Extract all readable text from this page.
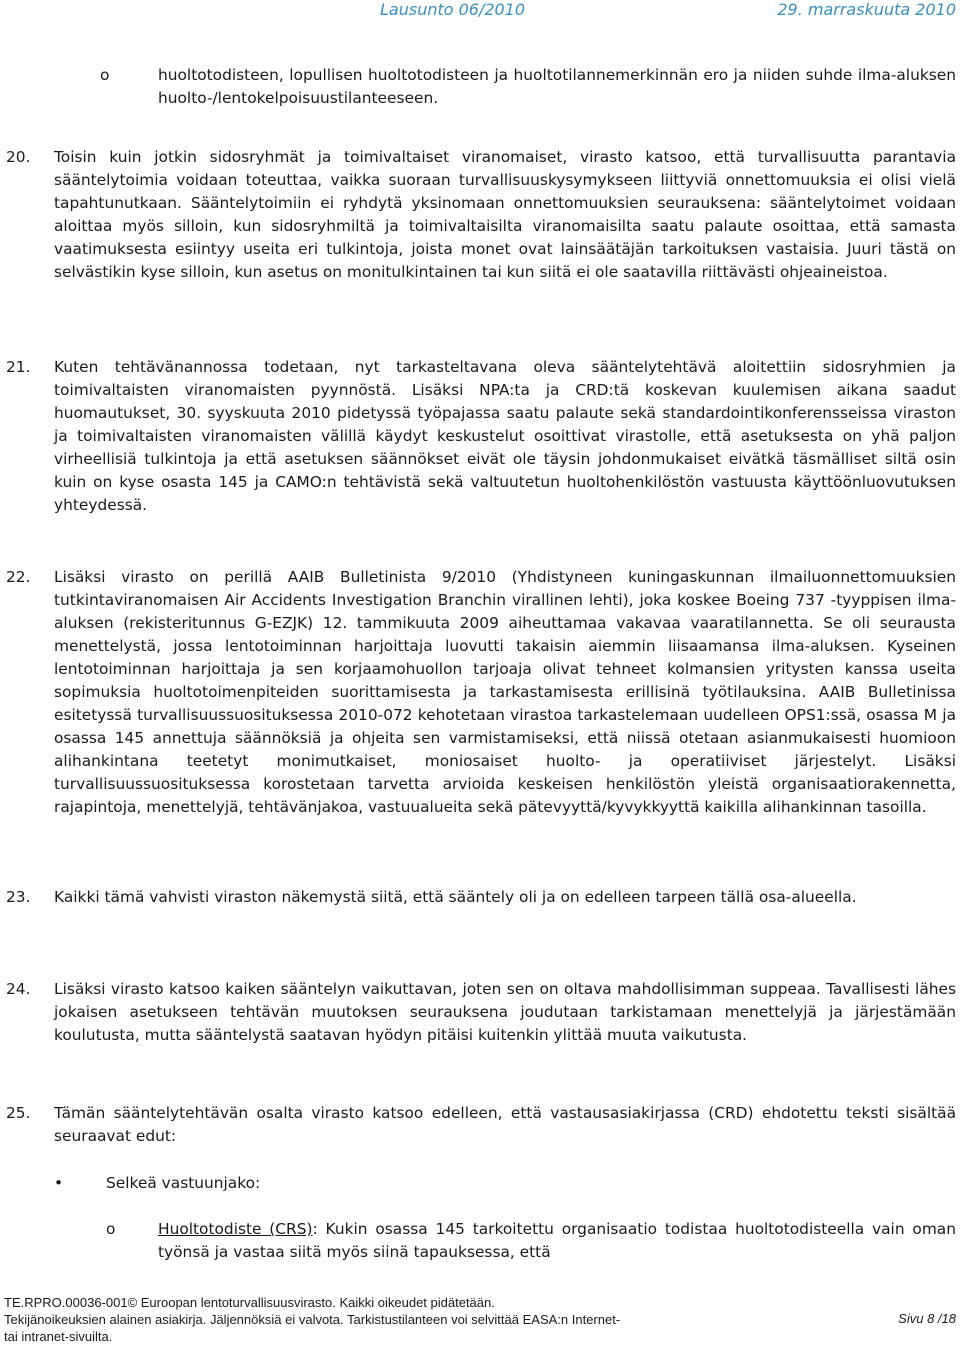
Lausunto 06/2010	29. marraskuuta 2010
o	huoltotodisteen, lopullisen huoltotodisteen ja huoltotilannemerkinnän ero ja niiden suhde ilma-aluksen huolto-/lentokelpoisuustilanteeseen.
20. Toisin kuin jotkin sidosryhmät ja toimivaltaiset viranomaiset, virasto katsoo, että turvallisuutta parantavia sääntelytoimia voidaan toteuttaa, vaikka suoraan turvallisuuskysymykseen liittyviä onnettomuuksia ei olisi vielä tapahtunutkaan. Sääntelytoimiin ei ryhdytä yksinomaan onnettomuuksien seurauksena: sääntelytoimet voidaan aloittaa myös silloin, kun sidosryhmiltä ja toimivaltaisilta viranomaisilta saatu palaute osoittaa, että samasta vaatimuksesta esiintyy useita eri tulkintoja, joista monet ovat lainsäätäjän tarkoituksen vastaisia. Juuri tästä on selvästikin kyse silloin, kun asetus on monitulkintainen tai kun siitä ei ole saatavilla riittävästi ohjeaineistoa.
21. Kuten tehtävänannossa todetaan, nyt tarkasteltavana oleva sääntelytehtävä aloitettiin sidosryhmien ja toimivaltaisten viranomaisten pyynnöstä. Lisäksi NPA:ta ja CRD:tä koskevan kuulemisen aikana saadut huomautukset, 30. syyskuuta 2010 pidetyssä työpajassa saatu palaute sekä standardointikonferensseissa viraston ja toimivaltaisten viranomaisten välillä käydyt keskustelut osoittivat virastolle, että asetuksesta on yhä paljon virheellisiä tulkintoja ja että asetuksen säännökset eivät ole täysin johdonmukaiset eivätkä täsmälliset siltä osin kuin on kyse osasta 145 ja CAMO:n tehtävistä sekä valtuutetun huoltohenkilöstön vastuusta käyttöönluovutuksen yhteydessä.
22. Lisäksi virasto on perillä AAIB Bulletinista 9/2010 (Yhdistyneen kuningaskunnan ilmailuonnettomuuksien tutkintaviranomaisen Air Accidents Investigation Branchin virallinen lehti), joka koskee Boeing 737 -tyyppisen ilma-aluksen (rekisteritunnus G-EZJK) 12. tammikuuta 2009 aiheuttamaa vakavaa vaaratilannetta. Se oli seurausta menettelystä, jossa lentotoiminnan harjoittaja luovutti takaisin aiemmin liisaamansa ilma-aluksen. Kyseinen lentotoiminnan harjoittaja ja sen korjaamohuollon tarjoaja olivat tehneet kolmansien yritysten kanssa useita sopimuksia huoltotoimenpiteiden suorittamisesta ja tarkastamisesta erillisinä työtilauksina. AAIB Bulletinissa esitetyssä turvallisuussuosituksessa 2010-072 kehotetaan virastoa tarkastelemaan uudelleen OPS1:ssä, osassa M ja osassa 145 annettuja säännöksiä ja ohjeita sen varmistamiseksi, että niissä otetaan asianmukaisesti huomioon alihankintana teetetyt monimutkaiset, moniosaiset huolto- ja operatiiviset järjestelyt. Lisäksi turvallisuussuosituksessa korostetaan tarvetta arvioida keskeisen henkilöstön yleistä organisaatiorakennetta, rajapintoja, menettelyjä, tehtävänjakoa, vastuualueita sekä pätevyyttä/kyvykkyyttä kaikilla alihankinnan tasoilla.
23. Kaikki tämä vahvisti viraston näkemystä siitä, että sääntely oli ja on edelleen tarpeen tällä osa-alueella.
24. Lisäksi virasto katsoo kaiken sääntelyn vaikuttavan, joten sen on oltava mahdollisimman suppeaa. Tavallisesti lähes jokaisen asetukseen tehtävän muutoksen seurauksena joudutaan tarkistamaan menettelyjä ja järjestämään koulutusta, mutta sääntelystä saatavan hyödyn pitäisi kuitenkin ylittää muuta vaikutusta.
25. Tämän sääntelytehtävän osalta virasto katsoo edelleen, että vastausasiakirjassa (CRD) ehdotettu teksti sisältää seuraavat edut:
•	Selkeä vastuunjako:
o	Huoltotodiste (CRS): Kukin osassa 145 tarkoitettu organisaatio todistaa huoltotodisteella vain oman työnsä ja vastaa siitä myös siinä tapauksessa, että
TE.RPRO.00036-001© Euroopan lentoturvallisuusvirasto. Kaikki oikeudet pidätetään.
Tekijänoikeuksien alainen asiakirja. Jäljennöksiä ei valvota. Tarkistustilanteen voi selvittää EASA:n Internet-
tai intranet-sivuilta.
Sivu 8 /18
